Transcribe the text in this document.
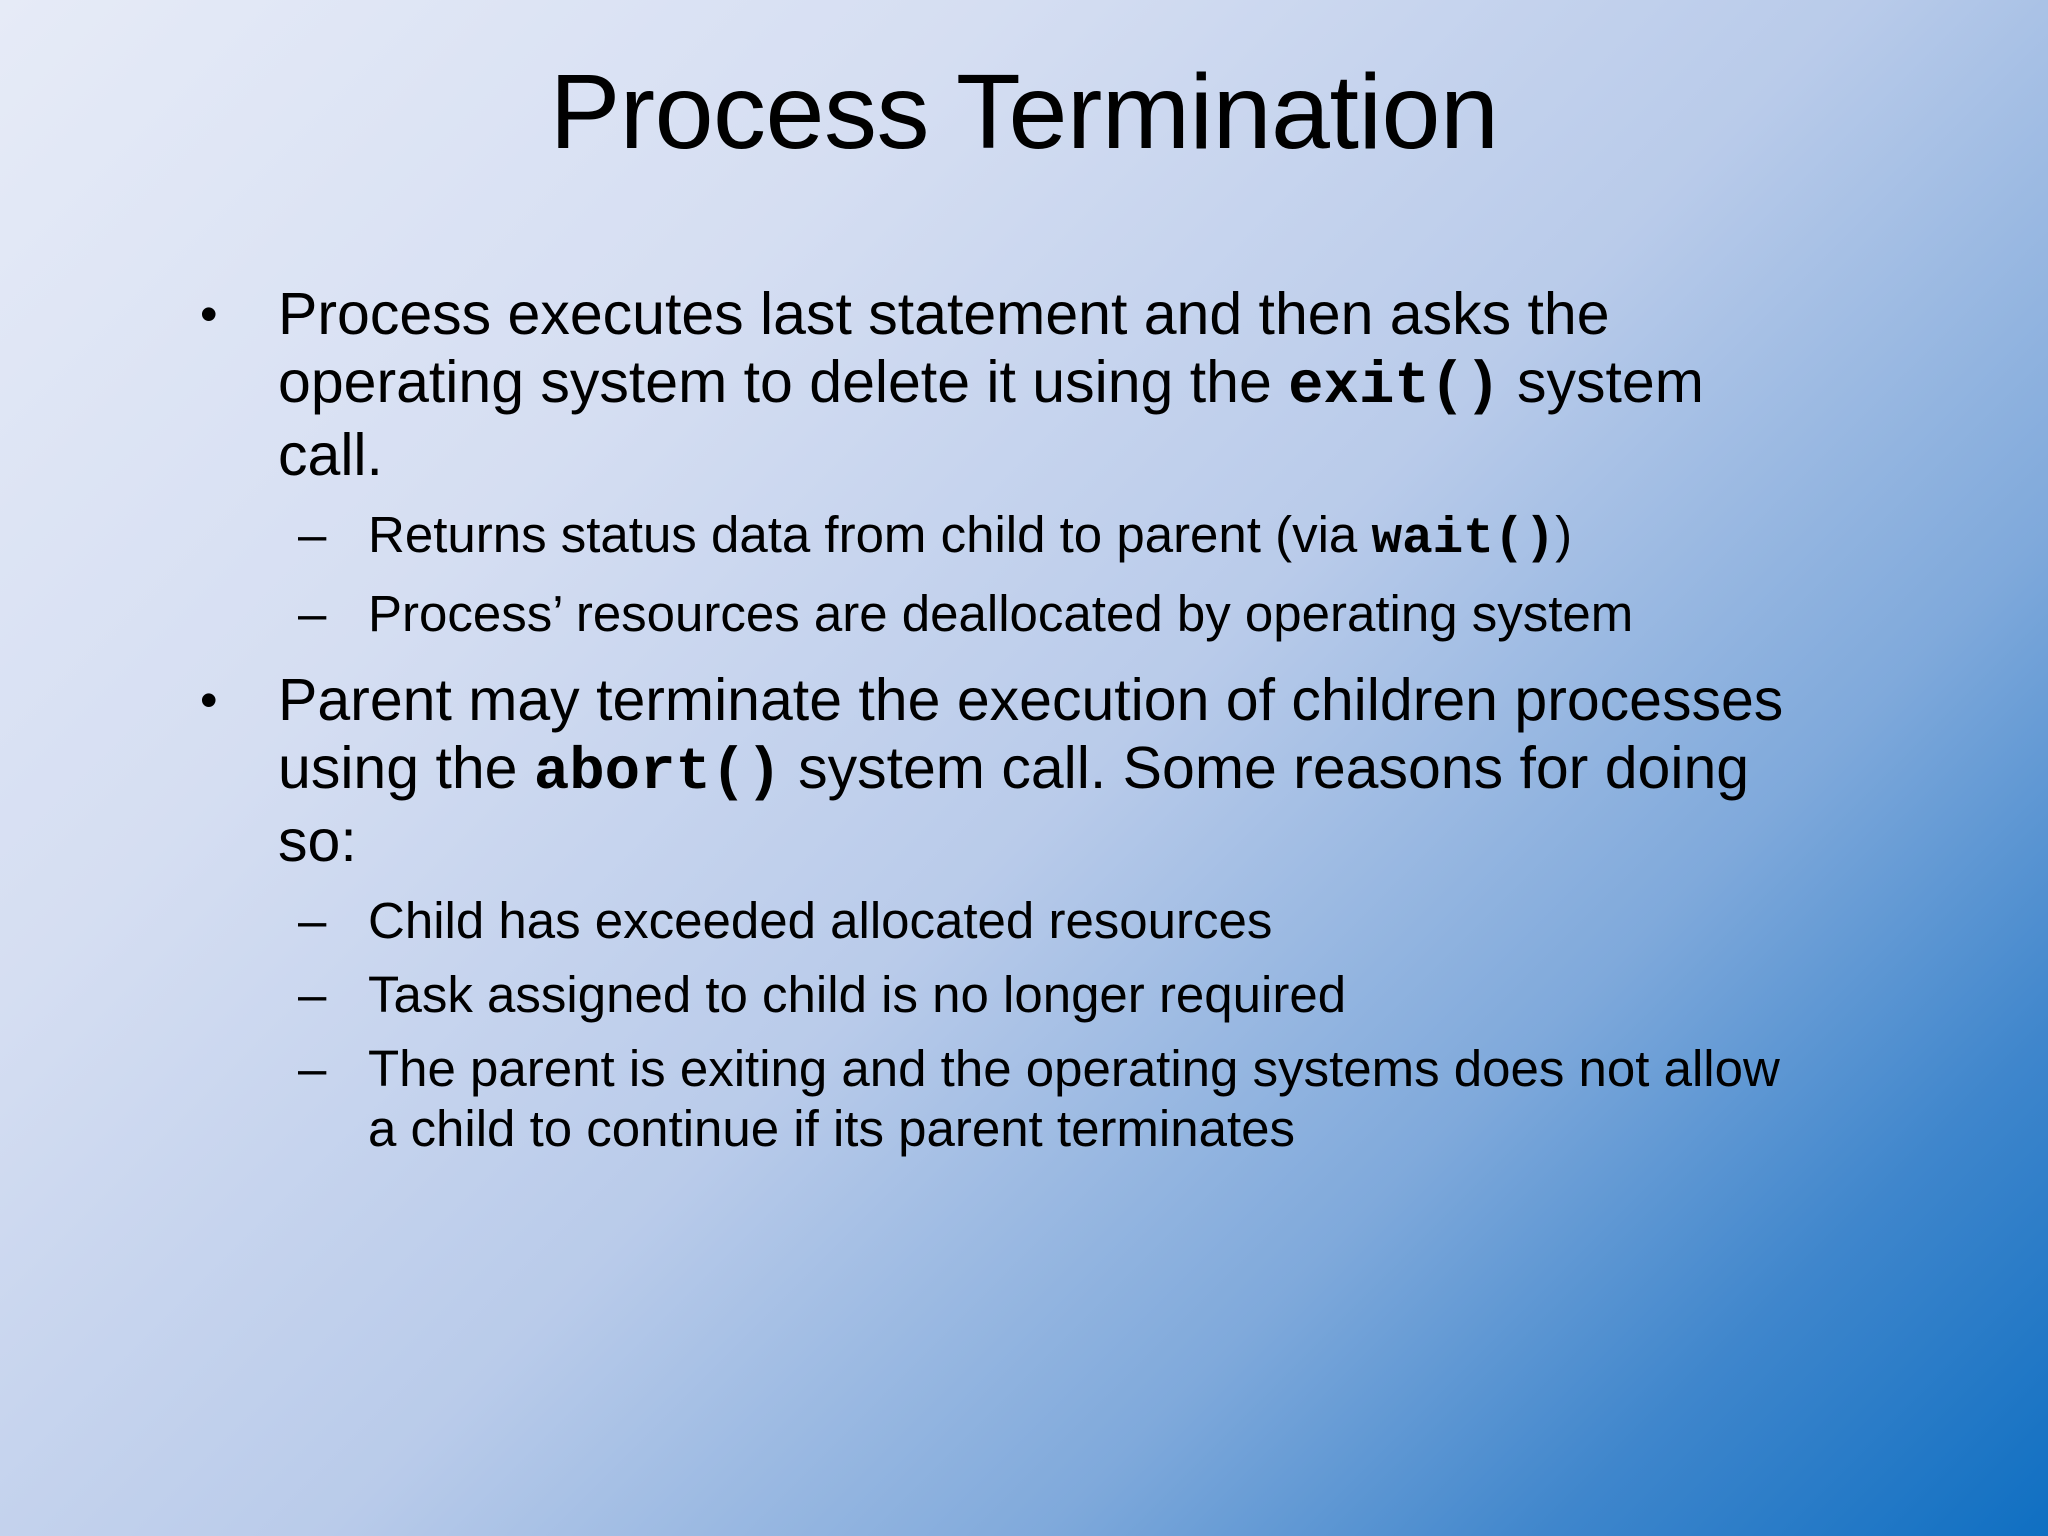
Process Termination
• Process executes last statement and then asks the operating system to delete it using the exit() system call.
– Returns status data from child to parent (via wait())
– Process’ resources are deallocated by operating system
• Parent may terminate the execution of children processes using the abort() system call. Some reasons for doing so:
– Child has exceeded allocated resources
– Task assigned to child is no longer required
– The parent is exiting and the operating systems does not allow a child to continue if its parent terminates
